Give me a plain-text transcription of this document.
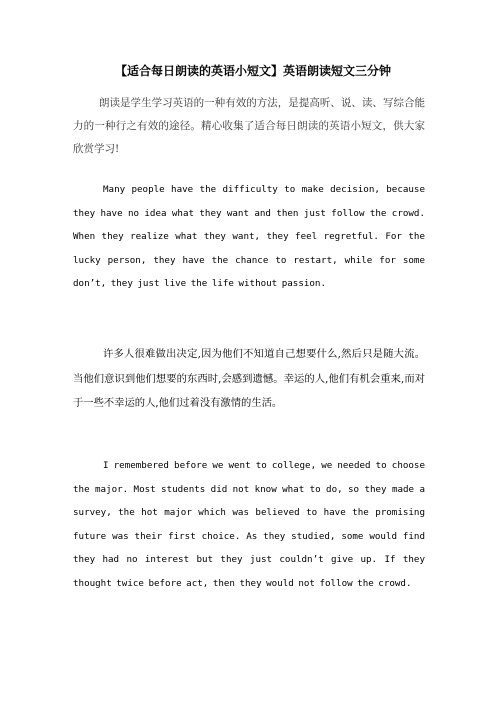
【适合每日朗读的英语小短文】英语朗读短文三分钟

朗读是学生学习英语的一种有效的方法，是提高听、说、读、写综合能力的一种行之有效的途径。精心收集了适合每日朗读的英语小短文，供大家欣赏学习!

Many people have the difficulty to make decision, because they have no idea what they want and then just follow the crowd. When they realize what they want, they feel regretful. For the lucky person, they have the chance to restart, while for some don’t, they just live the life without passion.

许多人很难做出决定,因为他们不知道自己想要什么,然后只是随大流。当他们意识到他们想要的东西时,会感到遗憾。幸运的人,他们有机会重来,而对于一些不幸运的人,他们过着没有激情的生活。

I remembered before we went to college, we needed to choose the major. Most students did not know what to do, so they made a survey, the hot major which was believed to have the promising future was their first choice. As they studied, some would find they had no interest but they just couldn’t give up. If they thought twice before act, then they would not follow the crowd.
